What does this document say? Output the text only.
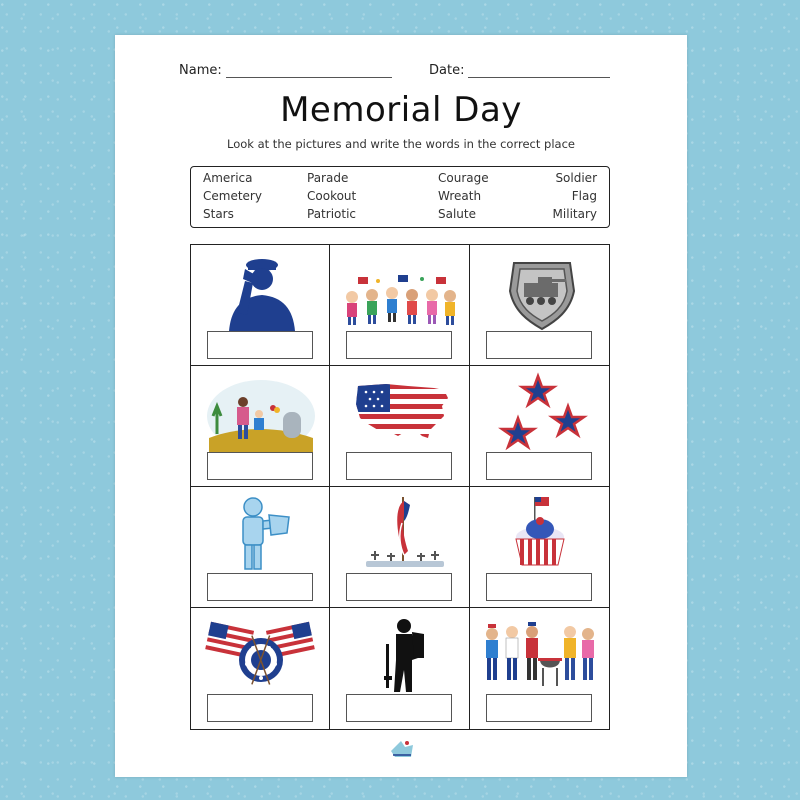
Name:	Date:
Memorial Day
Look at the pictures and write the words in the correct place
America
Cemetery
Stars
Parade
Cookout
Patriotic
Courage
Wreath
Salute
Soldier
Flag
Military
